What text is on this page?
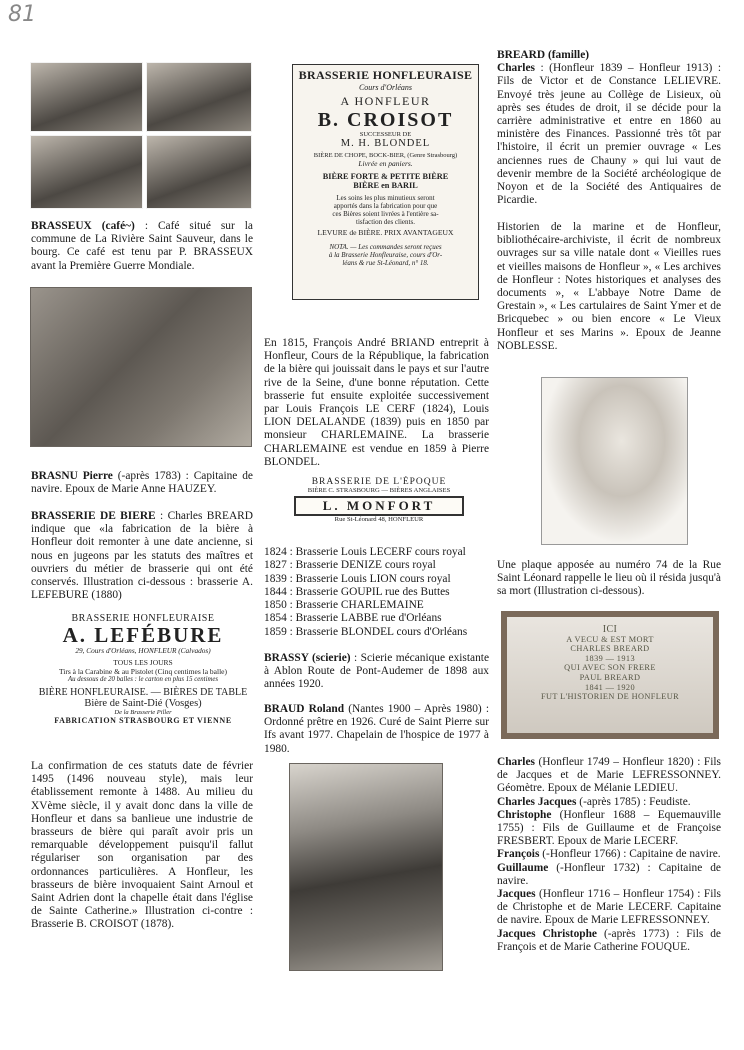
81

BRASSEUX (café~) : Café situé sur la commune de La Rivière Saint Sauveur, dans le bourg. Ce café est tenu par P. BRASSEUX avant la Première Guerre Mondiale.

BRASNU Pierre (-après 1783) : Capitaine de navire. Epoux de Marie Anne HAUZEY.

BRASSERIE DE BIERE : Charles BREARD indique que «la fabrication de la bière à Honfleur doit remonter à une date ancienne, si nous en jugeons par les statuts des maîtres et ouvriers du métier de brasserie qui ont été conservés. Illustration ci-dessous : brasserie A. LEFEBURE (1880)

BRASSERIE HONFLEURAISE
A. LEFÉBURE
29, Cours d'Orléans, HONFLEUR (Calvados)
TOUS LES JOURS
Tirs à la Carabine & au Pistolet (Cinq centimes la balle)
Au dessous de 20 balles : le carton en plus 15 centimes
BIÈRE HONFLEURAISE. — BIÈRES DE TABLE
Bière de Saint-Dié (Vosges)
De la Brasserie Piller
FABRICATION STRASBOURG ET VIENNE

La confirmation de ces statuts date de février 1495 (1496 nouveau style), mais leur établissement remonte à 1488. Au milieu du XVème siècle, il y avait donc dans la ville de Honfleur et dans sa banlieue une industrie de brasseurs de bière qui paraît avoir pris un remarquable développement puisqu'il fallut régulariser son organisation par des ordonnances particulières. A Honfleur, les brasseurs de bière invoquaient Saint Arnoul et Saint Adrien dont la chapelle était dans l'église de Sainte Catherine.» Illustration ci-contre : Brasserie B. CROISOT (1878).

BRASSERIE HONFLEURAISE
Cours d'Orléans
A HONFLEUR
B. CROISOT
SUCCESSEUR DE
M. H. BLONDEL
BIÈRE DE CHOPE, BOCK-BIER, (Genre Strasbourg)
Livrée en paniers.
BIÈRE FORTE & PETITE BIÈRE
BIÈRE en BARIL
Les soins les plus minutieux seront
apportés dans la fabrication pour que
ces Bières soient livrées à l'entière sa-
tisfaction des clients.
LEVURE de BIÈRE. PRIX AVANTAGEUX
NOTA. — Les commandes seront reçues
à la Brasserie Honfleuraise, cours d'Or-
léans & rue St-Léonard, n° 18.

En 1815, François André BRIAND entreprit à Honfleur, Cours de la République, la fabrication de la bière qui jouissait dans le pays et sur l'autre rive de la Seine, d'une bonne réputation. Cette brasserie fut ensuite exploitée successivement par Louis François LE CERF (1824), Louis LION DELALANDE (1839) puis en 1850 par monsieur CHARLEMAINE. La brasserie CHARLEMAINE est vendue en 1859 à Pierre BLONDEL.

BRASSERIE DE L'ÉPOQUE
BIÈRE C. STRASBOURG — BIÈRES ANGLAISES
L. MONFORT
Rue St-Léonard 48, HONFLEUR

1824 : Brasserie Louis LECERF cours royal

1827 : Brasserie DENIZE cours royal

1839 : Brasserie Louis LION cours royal

1844 : Brasserie GOUPIL rue des Buttes

1850 : Brasserie CHARLEMAINE

1854 : Brasserie LABBE rue d'Orléans

1859 : Brasserie BLONDEL cours d'Orléans

BRASSY (scierie) : Scierie mécanique existante à Ablon Route de Pont-Audemer de 1898 aux années 1920.

BRAUD Roland (Nantes 1900 – Après 1980) : Ordonné prêtre en 1926. Curé de Saint Pierre sur Ifs avant 1977. Chapelain de l'hospice de 1977 à 1980.

BREARD (famille)

Charles : (Honfleur 1839 – Honfleur 1913) : Fils de Victor et de Constance LELIEVRE. Envoyé très jeune au Collège de Lisieux, où après ses études de droit, il se décide pour la carrière administrative et entre en 1860 au ministère des Finances. Passionné très tôt par l'histoire, il écrit un premier ouvrage « Les anciennes rues de Chauny » qui lui vaut de devenir membre de la Société archéologique de Noyon et de la Société des Antiquaires de Picardie.

Historien de la marine et de Honfleur, bibliothécaire-archiviste, il écrit de nombreux ouvrages sur sa ville natale dont « Vieilles rues et vieilles maisons de Honfleur », « Les archives de Honfleur : Notes historiques et analyses des documents », « L'abbaye Notre Dame de Grestain », « Les cartulaires de Saint Ymer et de Bricquebec » ou bien encore « Le Vieux Honfleur et ses Marins ». Epoux de Jeanne NOBLESSE.

Une plaque apposée au numéro 74 de la Rue Saint Léonard rappelle le lieu où il résida jusqu'à sa mort (Illustration ci-dessous).

ICI
A VECU & EST MORT
CHARLES BREARD
1839 — 1913
QUI AVEC SON FRERE
PAUL BREARD
1841 — 1920
FUT L'HISTORIEN DE HONFLEUR

Charles (Honfleur 1749 – Honfleur 1820) : Fils de Jacques et de Marie LEFRESSONNEY. Géomètre. Epoux de Mélanie LEDIEU.

Charles Jacques (-après 1785) : Feudiste.

Christophe (Honfleur 1688 – Equemauville 1755) : Fils de Guillaume et de Françoise FRESBERT. Epoux de Marie LECERF.

François (-Honfleur 1766) : Capitaine de navire.

Guillaume (-Honfleur 1732) : Capitaine de navire.

Jacques (Honfleur 1716 – Honfleur 1754) : Fils de Christophe et de Marie LECERF. Capitaine de navire. Epoux de Marie LEFRESSONNEY.

Jacques Christophe (-après 1773) : Fils de François et de Marie Catherine FOUQUE.
